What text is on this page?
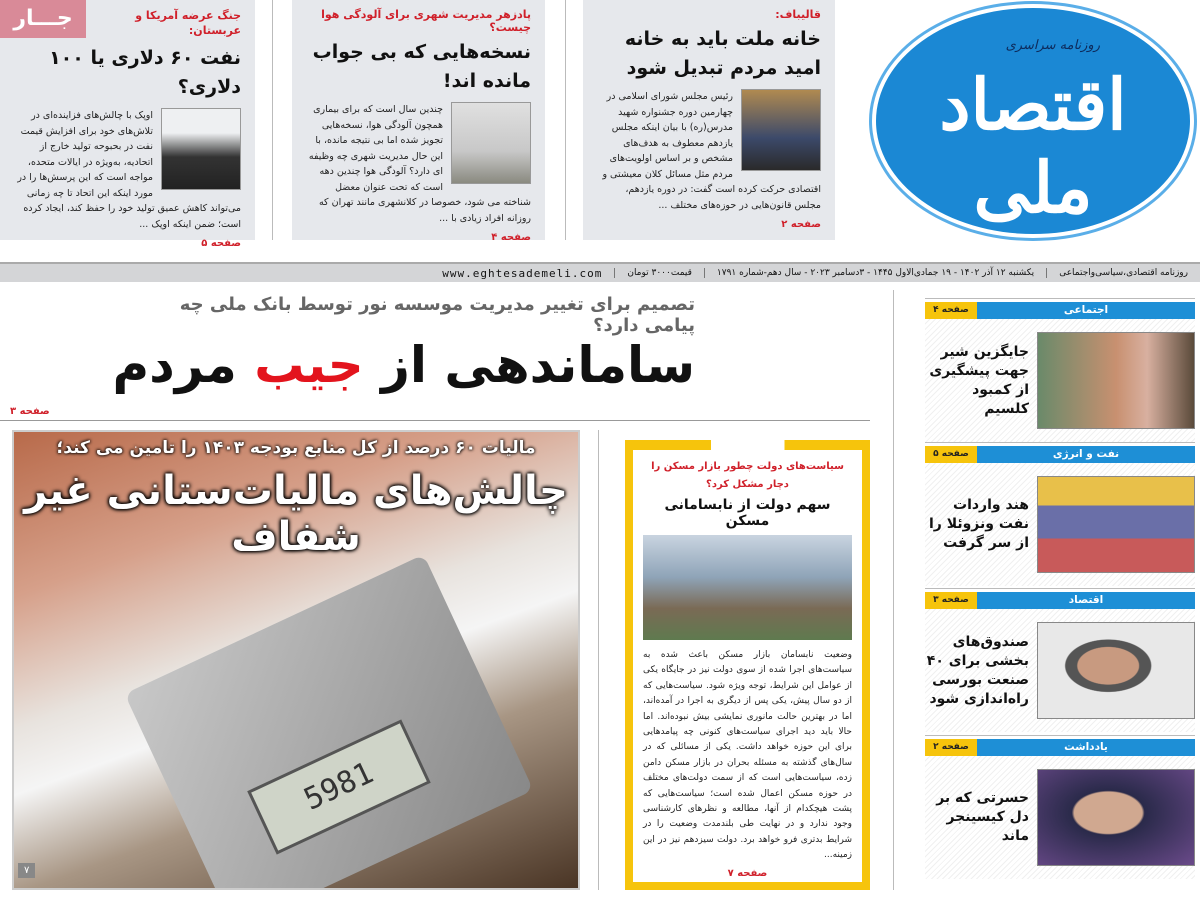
قالیباف:
خانه ملت باید به خانه امید مردم تبدیل شود
رئیس مجلس شورای اسلامی در چهارمین دوره جشنواره شهید مدرس(ره) با بیان اینکه مجلس یازدهم معطوف به هدف‌های مشخص و بر اساس اولویت‌های مردم مثل مسائل کلان معیشتی و اقتصادی حرکت کرده است گفت: در دوره یازدهم، مجلس قانون‌هایی در حوزه‌های مختلف ...
صفحه ۲
پادزهر مدیریت شهری برای آلودگی هوا چیست؟
نسخه‌هایی که بی جواب مانده اند!
چندین سال است که برای بیماری همچون آلودگی هوا، نسخه‌هایی تجویز شده اما بی نتیجه مانده، با این حال مدیریت شهری چه وظیفه ای دارد؟ آلودگی هوا چندین دهه است که تحت عنوان معضل شناخته می شود، خصوصا در کلانشهری مانند تهران که روزانه افراد زیادی با ...
صفحه ۴
جنگ عرضه آمریکا و عربستان:
نفت ۶۰ دلاری یا ۱۰۰ دلاری؟
اوپک با چالش‌های فزاینده‌ای در تلاش‌های خود برای افزایش قیمت نفت در بحبوحه تولید خارج از اتحادیه، به‌ویژه در ایالات متحده، مواجه است که این پرسش‌ها را در مورد اینکه این اتحاد تا چه زمانی می‌تواند کاهش عمیق تولید خود را حفظ کند، ایجاد کرده است؛ ضمن اینکه اوپک ...
صفحه ۵
جـــار
روزنامه سراسری
اقتصاد ملی
روزنامه اقتصادی،سیاسی‌واجتماعی
یکشنبه ۱۲ آذر ۱۴۰۲ - ۱۹ جمادی‌الاول ۱۴۴۵ - ۳دسامبر ۲۰۲۳ - سال دهم-شماره ۱۷۹۱
قیمت۳۰۰۰ تومان
www.eghtesademeli.com
تصمیم برای تغییر مدیریت موسسه نور توسط بانک ملی چه پیامی دارد؟
ساماندهی از جیب مردم
صفحه ۳
5981
مالیات ۶۰ درصد از کل منابع بودجه ۱۴۰۳ را تامین می کند؛
چالش‌های مالیات‌ستانی غیر شفاف
۷
سیاست‌های دولت چطور بازار مسکن را دچار مشکل کرد؟
سهم دولت از نابسامانی مسکن
وضعیت نابسامان بازار مسکن باعث شده به سیاست‌های اجرا شده از سوی دولت نیز در جایگاه یکی از عوامل این شرایط، توجه ویژه شود. سیاست‌هایی که از دو سال پیش، یکی پس از دیگری به اجرا در آمده‌اند، اما در بهترین حالت مانوری نمایشی بیش نبوده‌اند. اما حالا باید دید اجرای سیاست‌های کنونی چه پیامدهایی برای این حوزه خواهد داشت. یکی از مسائلی که در سال‌های گذشته به مسئله بحران در بازار مسکن دامن زده، سیاست‌هایی است که از سمت دولت‌های مختلف در حوزه مسکن اعمال شده است؛ سیاست‌هایی که پشت هیچکدام از آنها، مطالعه و نظرهای کارشناسی وجود ندارد و در نهایت طی بلندمدت وضعیت را در شرایط بدتری فرو خواهد برد. دولت سیزدهم نیز در این زمینه...
صفحه ۷
اجتماعی
صفحه ۴
جایگزین شیر جهت پیشگیری از کمبود کلسیم
نفت و انرژی
صفحه ۵
هند واردات نفت ونزوئلا را از سر گرفت
اقتصاد
صفحه ۳
صندوق‌های بخشی برای ۴۰ صنعت بورسی راه‌اندازی شود
یادداشت
صفحه ۲
حسرتی که بر دل کیسینجر ماند
